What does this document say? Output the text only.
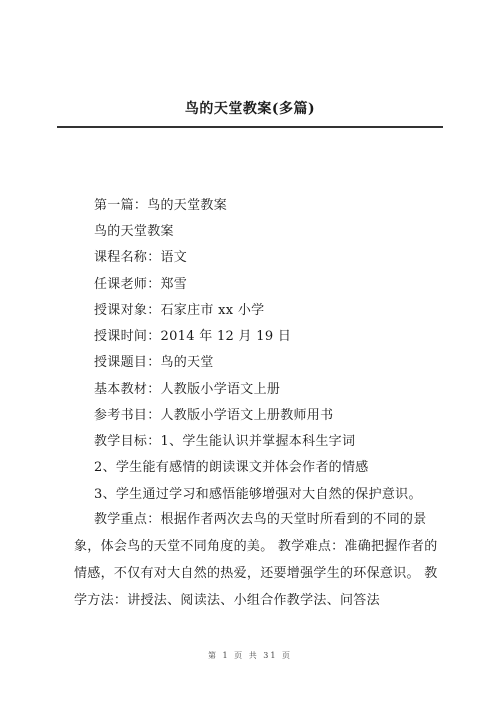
鸟的天堂教案(多篇)
第一篇：鸟的天堂教案
鸟的天堂教案
课程名称：语文
任课老师：郑雪
授课对象：石家庄市 xx 小学
授课时间：2014 年 12 月 19 日
授课题目：鸟的天堂
基本教材：人教版小学语文上册
参考书目：人教版小学语文上册教师用书
教学目标：1、学生能认识并掌握本科生字词
2、学生能有感情的朗读课文并体会作者的情感
3、学生通过学习和感悟能够增强对大自然的保护意识。
教学重点：根据作者两次去鸟的天堂时所看到的不同的景象，体会鸟的天堂不同角度的美。 教学难点：准确把握作者的情感，不仅有对大自然的热爱，还要增强学生的环保意识。 教学方法：讲授法、阅读法、小组合作教学法、问答法
第 1 页 共 31 页
